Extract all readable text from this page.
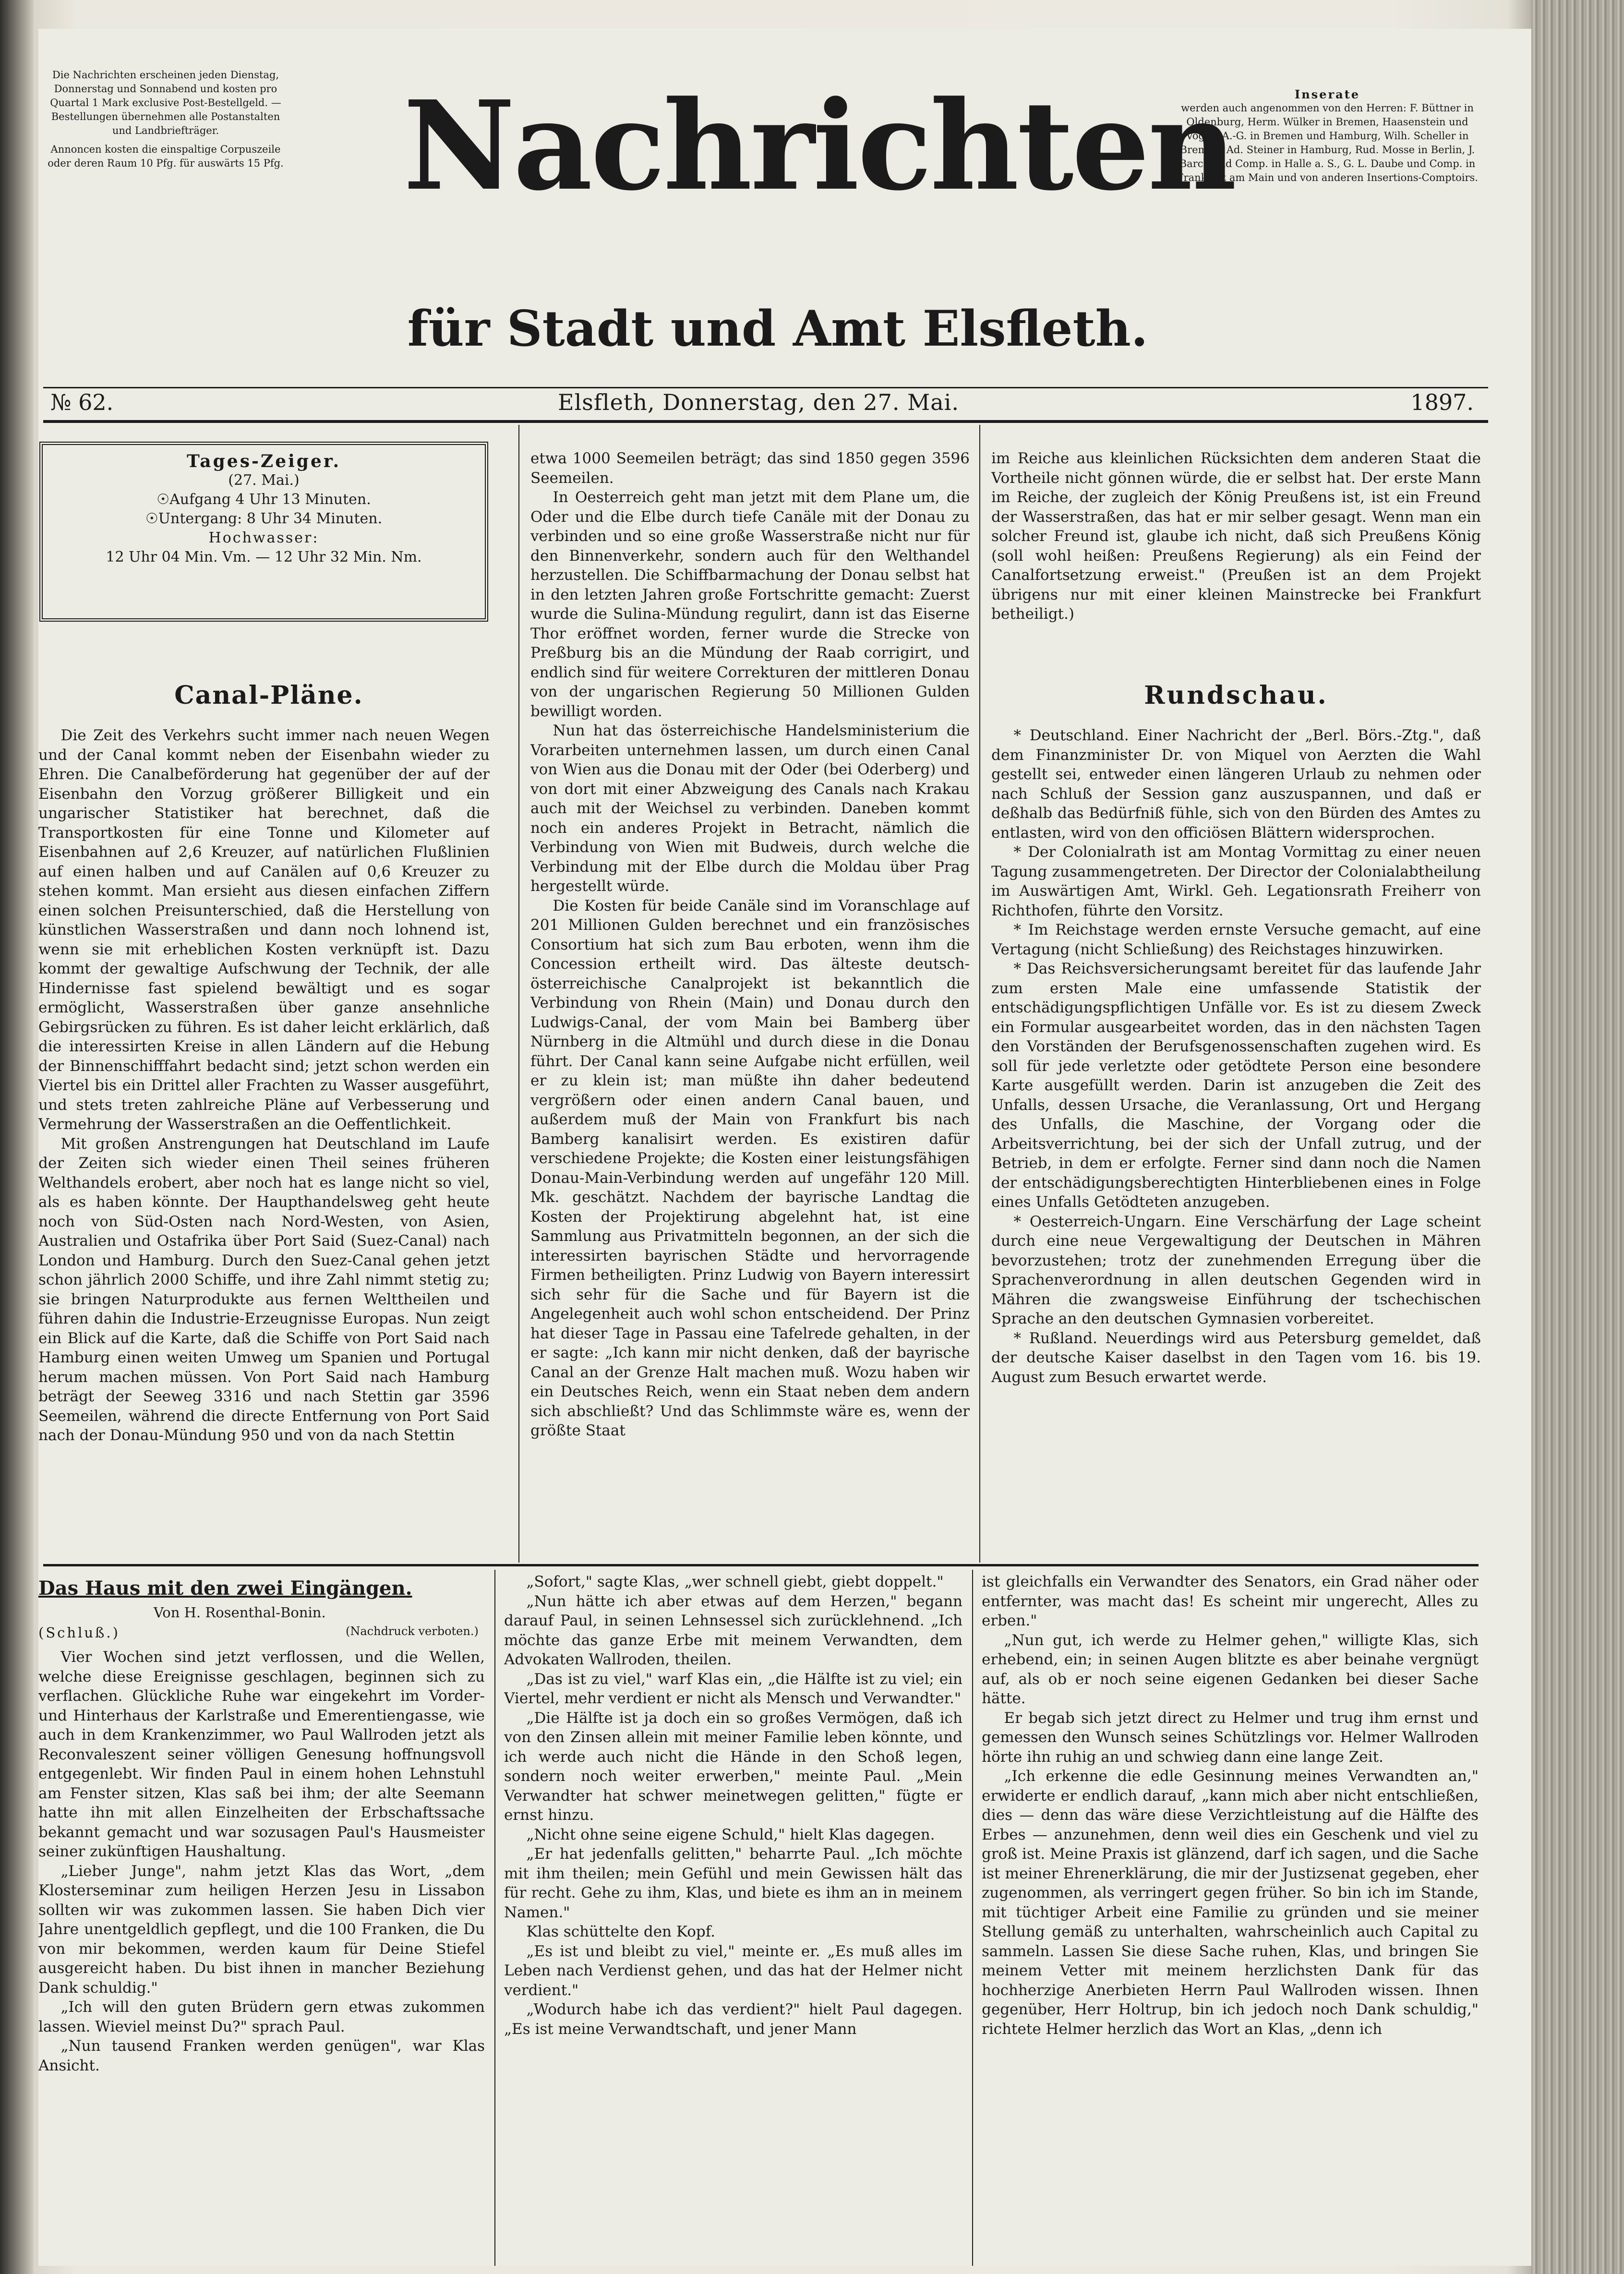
Die Nachrichten erscheinen jeden Dienstag, Donnerstag und Sonnabend und kosten pro Quartal 1 Mark exclusive Post-Bestellgeld. — Bestellungen übernehmen alle Postanstalten und Landbriefträger.
Annoncen kosten die einspaltige Corpuszeile oder deren Raum 10 Pfg. für auswärts 15 Pfg. Nachrichten
für Stadt und Amt Elsfleth.
Inserate
werden auch angenommen von den Herren: F. Büttner in Oldenburg, Herm. Wülker in Bremen, Haasenstein und Vogler A.-G. in Bremen und Hamburg, Wilh. Scheller in Bremen, Ad. Steiner in Hamburg, Rud. Mosse in Berlin, J. Barck und Comp. in Halle a. S., G. L. Daube und Comp. in Frankfurt am Main und von anderen Insertions-Comptoirs.
№ 62.	Elsfleth, Donnerstag, den 27. Mai.	1897.
Tages-Zeiger.
(27. Mai.)
☉Aufgang 4 Uhr 13 Minuten.
☉Untergang: 8 Uhr 34 Minuten.
Hochwasser:
12 Uhr 04 Min. Vm. — 12 Uhr 32 Min. Nm.
Canal-Pläne.

Die Zeit des Verkehrs sucht immer nach neuen Wegen und der Canal kommt neben der Eisenbahn wieder zu Ehren. Die Canalbeförderung hat gegenüber der auf der Eisenbahn den Vorzug größerer Billigkeit und ein ungarischer Statistiker hat berechnet, daß die Transportkosten für eine Tonne und Kilometer auf Eisenbahnen auf 2,6 Kreuzer, auf natürlichen Flußlinien auf einen halben und auf Canälen auf 0,6 Kreuzer zu stehen kommt. Man ersieht aus diesen einfachen Ziffern einen solchen Preisunterschied, daß die Herstellung von künstlichen Wasserstraßen und dann noch lohnend ist, wenn sie mit erheblichen Kosten verknüpft ist. Dazu kommt der gewaltige Aufschwung der Technik, der alle Hindernisse fast spielend bewältigt und es sogar ermöglicht, Wasserstraßen über ganze ansehnliche Gebirgsrücken zu führen. Es ist daher leicht erklärlich, daß die interessirten Kreise in allen Ländern auf die Hebung der Binnenschifffahrt bedacht sind; jetzt schon werden ein Viertel bis ein Drittel aller Frachten zu Wasser ausgeführt, und stets treten zahlreiche Pläne auf Verbesserung und Vermehrung der Wasserstraßen an die Oeffentlichkeit.

Mit großen Anstrengungen hat Deutschland im Laufe der Zeiten sich wieder einen Theil seines früheren Welthandels erobert, aber noch hat es lange nicht so viel, als es haben könnte. Der Haupthandelsweg geht heute noch von Süd-Osten nach Nord-Westen, von Asien, Australien und Ostafrika über Port Said (Suez-Canal) nach London und Hamburg. Durch den Suez-Canal gehen jetzt schon jährlich 2000 Schiffe, und ihre Zahl nimmt stetig zu; sie bringen Naturprodukte aus fernen Welttheilen und führen dahin die Industrie-Erzeugnisse Europas. Nun zeigt ein Blick auf die Karte, daß die Schiffe von Port Said nach Hamburg einen weiten Umweg um Spanien und Portugal herum machen müssen. Von Port Said nach Hamburg beträgt der Seeweg 3316 und nach Stettin gar 3596 Seemeilen, während die directe Entfernung von Port Said nach der Donau-Mündung 950 und von da nach Stettin

etwa 1000 Seemeilen beträgt; das sind 1850 gegen 3596 Seemeilen.

In Oesterreich geht man jetzt mit dem Plane um, die Oder und die Elbe durch tiefe Canäle mit der Donau zu verbinden und so eine große Wasserstraße nicht nur für den Binnenverkehr, sondern auch für den Welthandel herzustellen. Die Schiffbarmachung der Donau selbst hat in den letzten Jahren große Fortschritte gemacht: Zuerst wurde die Sulina-Mündung regulirt, dann ist das Eiserne Thor eröffnet worden, ferner wurde die Strecke von Preßburg bis an die Mündung der Raab corrigirt, und endlich sind für weitere Correkturen der mittleren Donau von der ungarischen Regierung 50 Millionen Gulden bewilligt worden.

Nun hat das österreichische Handelsministerium die Vorarbeiten unternehmen lassen, um durch einen Canal von Wien aus die Donau mit der Oder (bei Oderberg) und von dort mit einer Abzweigung des Canals nach Krakau auch mit der Weichsel zu verbinden. Daneben kommt noch ein anderes Projekt in Betracht, nämlich die Verbindung von Wien mit Budweis, durch welche die Verbindung mit der Elbe durch die Moldau über Prag hergestellt würde.

Die Kosten für beide Canäle sind im Voranschlage auf 201 Millionen Gulden berechnet und ein französisches Consortium hat sich zum Bau erboten, wenn ihm die Concession ertheilt wird. Das älteste deutsch-österreichische Canalprojekt ist bekanntlich die Verbindung von Rhein (Main) und Donau durch den Ludwigs-Canal, der vom Main bei Bamberg über Nürnberg in die Altmühl und durch diese in die Donau führt. Der Canal kann seine Aufgabe nicht erfüllen, weil er zu klein ist; man müßte ihn daher bedeutend vergrößern oder einen andern Canal bauen, und außerdem muß der Main von Frankfurt bis nach Bamberg kanalisirt werden. Es existiren dafür verschiedene Projekte; die Kosten einer leistungsfähigen Donau-Main-Verbindung werden auf ungefähr 120 Mill. Mk. geschätzt. Nachdem der bayrische Landtag die Kosten der Projektirung abgelehnt hat, ist eine Sammlung aus Privatmitteln begonnen, an der sich die interessirten bayrischen Städte und hervorragende Firmen betheiligten. Prinz Ludwig von Bayern interessirt sich sehr für die Sache und für Bayern ist die Angelegenheit auch wohl schon entscheidend. Der Prinz hat dieser Tage in Passau eine Tafelrede gehalten, in der er sagte: „Ich kann mir nicht denken, daß der bayrische Canal an der Grenze Halt machen muß. Wozu haben wir ein Deutsches Reich, wenn ein Staat neben dem andern sich abschließt? Und das Schlimmste wäre es, wenn der größte Staat

im Reiche aus kleinlichen Rücksichten dem anderen Staat die Vortheile nicht gönnen würde, die er selbst hat. Der erste Mann im Reiche, der zugleich der König Preußens ist, ist ein Freund der Wasserstraßen, das hat er mir selber gesagt. Wenn man ein solcher Freund ist, glaube ich nicht, daß sich Preußens König (soll wohl heißen: Preußens Regierung) als ein Feind der Canalfortsetzung erweist." (Preußen ist an dem Projekt übrigens nur mit einer kleinen Mainstrecke bei Frankfurt betheiligt.)

Rundschau.

* Deutschland. Einer Nachricht der „Berl. Börs.-Ztg.", daß dem Finanzminister Dr. von Miquel von Aerzten die Wahl gestellt sei, entweder einen längeren Urlaub zu nehmen oder nach Schluß der Session ganz auszuspannen, und daß er deßhalb das Bedürfniß fühle, sich von den Bürden des Amtes zu entlasten, wird von den officiösen Blättern widersprochen.

* Der Colonialrath ist am Montag Vormittag zu einer neuen Tagung zusammengetreten. Der Director der Colonialabtheilung im Auswärtigen Amt, Wirkl. Geh. Legationsrath Freiherr von Richthofen, führte den Vorsitz.

* Im Reichstage werden ernste Versuche gemacht, auf eine Vertagung (nicht Schließung) des Reichstages hinzuwirken.

* Das Reichsversicherungsamt bereitet für das laufende Jahr zum ersten Male eine umfassende Statistik der entschädigungspflichtigen Unfälle vor. Es ist zu diesem Zweck ein Formular ausgearbeitet worden, das in den nächsten Tagen den Vorständen der Berufsgenossenschaften zugehen wird. Es soll für jede verletzte oder getödtete Person eine besondere Karte ausgefüllt werden. Darin ist anzugeben die Zeit des Unfalls, dessen Ursache, die Veranlassung, Ort und Hergang des Unfalls, die Maschine, der Vorgang oder die Arbeitsverrichtung, bei der sich der Unfall zutrug, und der Betrieb, in dem er erfolgte. Ferner sind dann noch die Namen der entschädigungsberechtigten Hinterbliebenen eines in Folge eines Unfalls Getödteten anzugeben.

* Oesterreich-Ungarn. Eine Verschärfung der Lage scheint durch eine neue Vergewaltigung der Deutschen in Mähren bevorzustehen; trotz der zunehmenden Erregung über die Sprachenverordnung in allen deutschen Gegenden wird in Mähren die zwangsweise Einführung der tschechischen Sprache an den deutschen Gymnasien vorbereitet.

* Rußland. Neuerdings wird aus Petersburg gemeldet, daß der deutsche Kaiser daselbst in den Tagen vom 16. bis 19. August zum Besuch erwartet werde.

Das Haus mit den zwei Eingängen.
Von H. Rosenthal-Bonin.
(Schluß.)	(Nachdruck verboten.)

Vier Wochen sind jetzt verflossen, und die Wellen, welche diese Ereignisse geschlagen, beginnen sich zu verflachen. Glückliche Ruhe war eingekehrt im Vorder- und Hinterhaus der Karlstraße und Emerentiengasse, wie auch in dem Krankenzimmer, wo Paul Wallroden jetzt als Reconvaleszent seiner völligen Genesung hoffnungsvoll entgegenlebt. Wir finden Paul in einem hohen Lehnstuhl am Fenster sitzen, Klas saß bei ihm; der alte Seemann hatte ihn mit allen Einzelheiten der Erbschaftssache bekannt gemacht und war sozusagen Paul's Hausmeister seiner zukünftigen Haushaltung.

„Lieber Junge", nahm jetzt Klas das Wort, „dem Klosterseminar zum heiligen Herzen Jesu in Lissabon sollten wir was zukommen lassen. Sie haben Dich vier Jahre unentgeldlich gepflegt, und die 100 Franken, die Du von mir bekommen, werden kaum für Deine Stiefel ausgereicht haben. Du bist ihnen in mancher Beziehung Dank schuldig."

„Ich will den guten Brüdern gern etwas zukommen lassen. Wieviel meinst Du?" sprach Paul.

„Nun tausend Franken werden genügen", war Klas Ansicht.

„Sofort," sagte Klas, „wer schnell giebt, giebt doppelt."

„Nun hätte ich aber etwas auf dem Herzen," begann darauf Paul, in seinen Lehnsessel sich zurücklehnend. „Ich möchte das ganze Erbe mit meinem Verwandten, dem Advokaten Wallroden, theilen.

„Das ist zu viel," warf Klas ein, „die Hälfte ist zu viel; ein Viertel, mehr verdient er nicht als Mensch und Verwandter."

„Die Hälfte ist ja doch ein so großes Vermögen, daß ich von den Zinsen allein mit meiner Familie leben könnte, und ich werde auch nicht die Hände in den Schoß legen, sondern noch weiter erwerben," meinte Paul. „Mein Verwandter hat schwer meinetwegen gelitten," fügte er ernst hinzu.

„Nicht ohne seine eigene Schuld," hielt Klas dagegen.

„Er hat jedenfalls gelitten," beharrte Paul. „Ich möchte mit ihm theilen; mein Gefühl und mein Gewissen hält das für recht. Gehe zu ihm, Klas, und biete es ihm an in meinem Namen."

Klas schüttelte den Kopf.

„Es ist und bleibt zu viel," meinte er. „Es muß alles im Leben nach Verdienst gehen, und das hat der Helmer nicht verdient."

„Wodurch habe ich das verdient?" hielt Paul dagegen. „Es ist meine Verwandtschaft, und jener Mann

ist gleichfalls ein Verwandter des Senators, ein Grad näher oder entfernter, was macht das! Es scheint mir ungerecht, Alles zu erben."

„Nun gut, ich werde zu Helmer gehen," willigte Klas, sich erhebend, ein; in seinen Augen blitzte es aber beinahe vergnügt auf, als ob er noch seine eigenen Gedanken bei dieser Sache hätte.

Er begab sich jetzt direct zu Helmer und trug ihm ernst und gemessen den Wunsch seines Schützlings vor. Helmer Wallroden hörte ihn ruhig an und schwieg dann eine lange Zeit.

„Ich erkenne die edle Gesinnung meines Verwandten an," erwiderte er endlich darauf, „kann mich aber nicht entschließen, dies — denn das wäre diese Verzichtleistung auf die Hälfte des Erbes — anzunehmen, denn weil dies ein Geschenk und viel zu groß ist. Meine Praxis ist glänzend, darf ich sagen, und die Sache ist meiner Ehrenerklärung, die mir der Justizsenat gegeben, eher zugenommen, als verringert gegen früher. So bin ich im Stande, mit tüchtiger Arbeit eine Familie zu gründen und sie meiner Stellung gemäß zu unterhalten, wahrscheinlich auch Capital zu sammeln. Lassen Sie diese Sache ruhen, Klas, und bringen Sie meinem Vetter mit meinem herzlichsten Dank für das hochherzige Anerbieten Herrn Paul Wallroden wissen. Ihnen gegenüber, Herr Holtrup, bin ich jedoch noch Dank schuldig," richtete Helmer herzlich das Wort an Klas, „denn ich
